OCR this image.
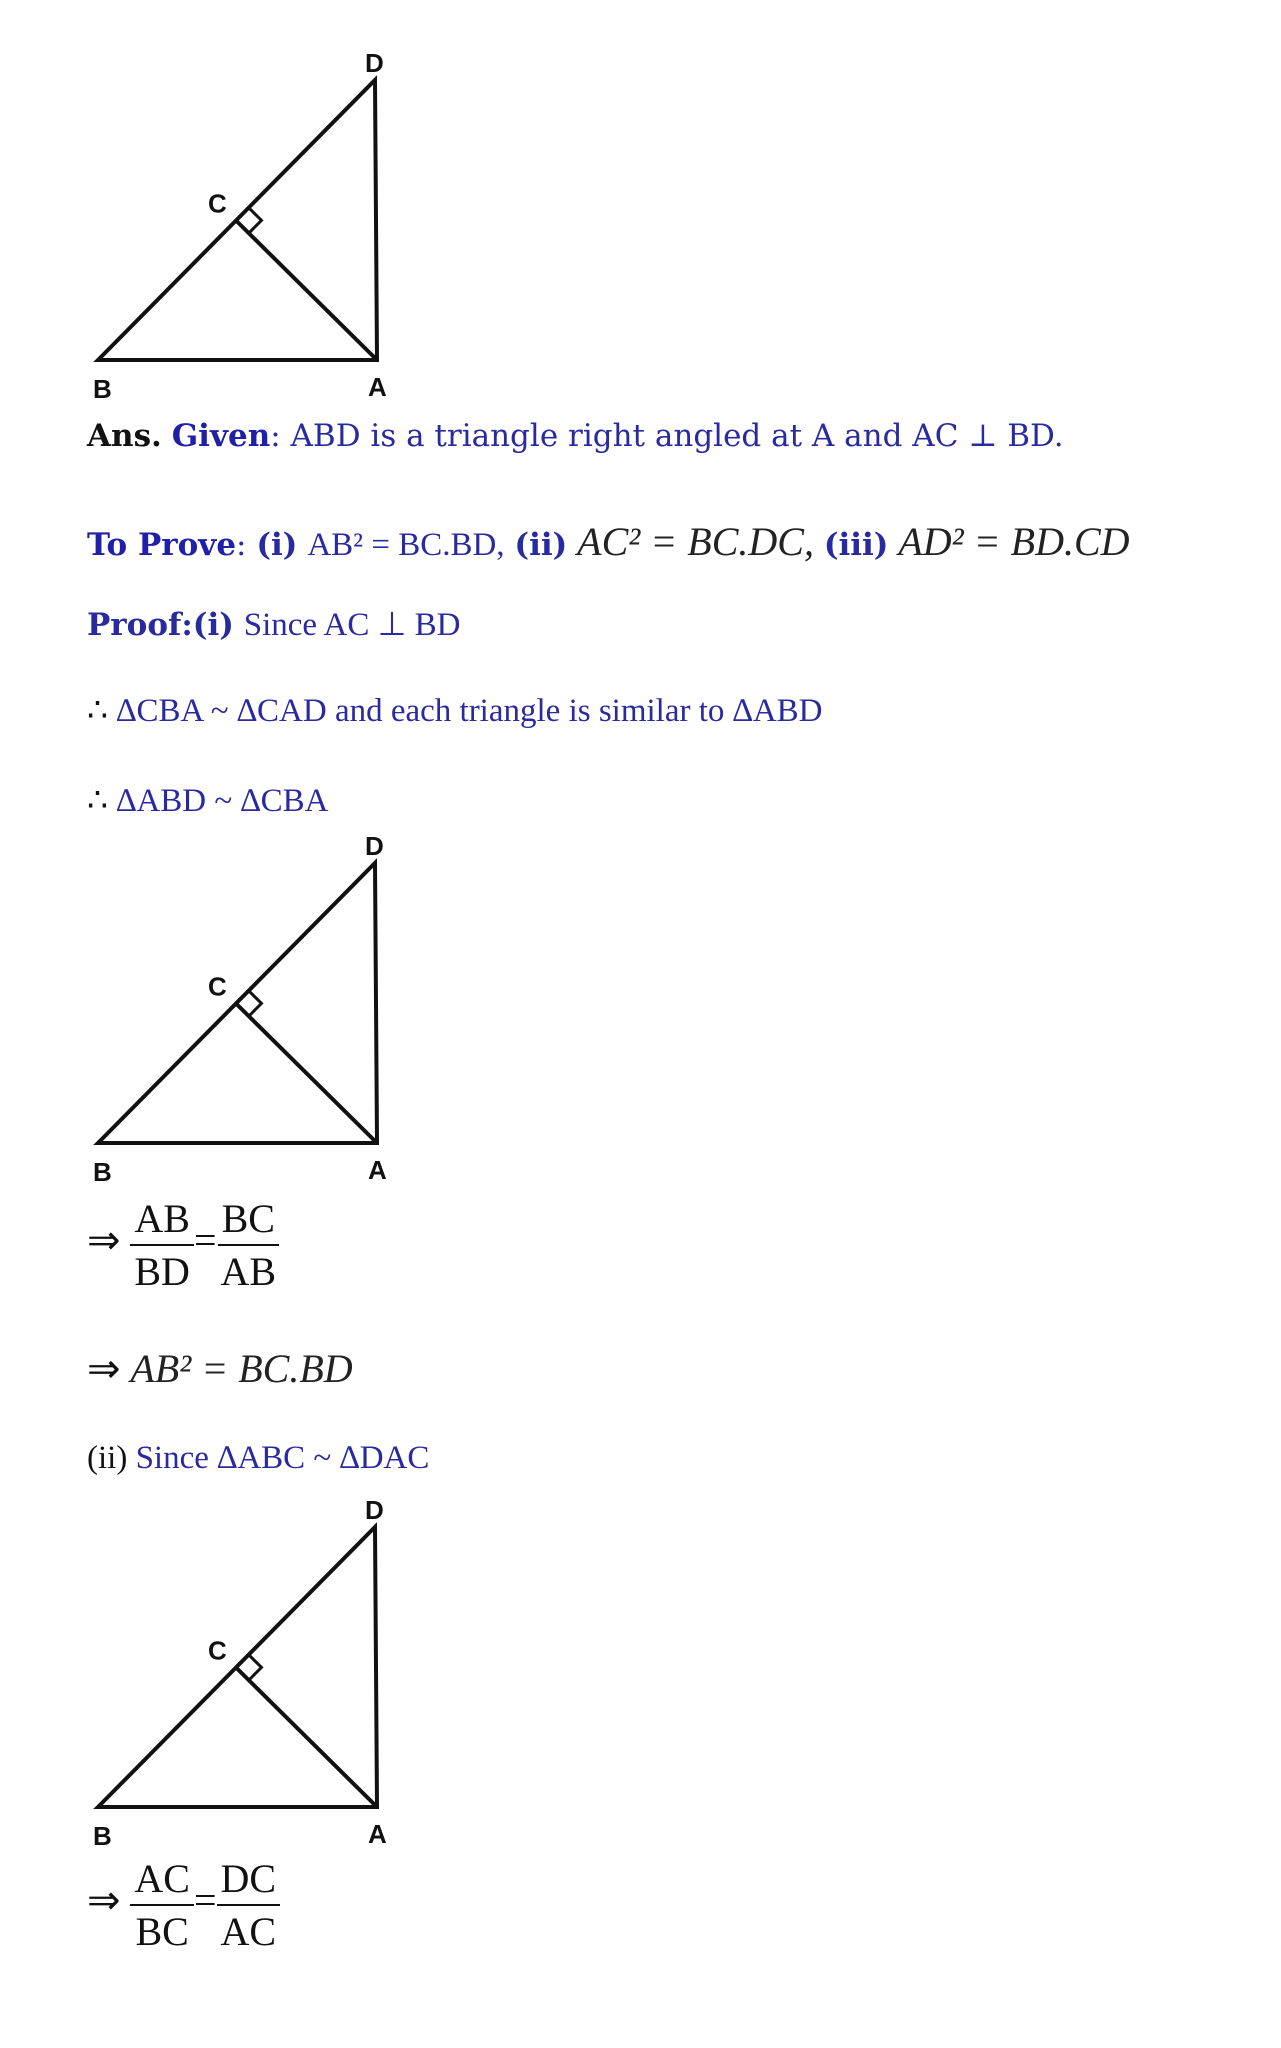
D
C
B	A
D
C
B	A
D
C
B	A
Ans. Given: ABD is a triangle right angled at A and AC ⊥ BD.
To Prove: (i) AB² = BC.BD, (ii) AC² = BC.DC, (iii) AD² = BD.CD
Proof:(i) Since AC ⊥ BD
∴ ∆CBA ~ ∆CAD and each triangle is similar to ∆ABD
∴ ∆ABD ~ ∆CBA
⇒ $\frac{AB}{BD} = \frac{BC}{AB}$
⇒ AB² = BC.BD
(ii) Since ∆ABC ~ ∆DAC
⇒ $\frac{AC}{BC} = \frac{DC}{AC}$
